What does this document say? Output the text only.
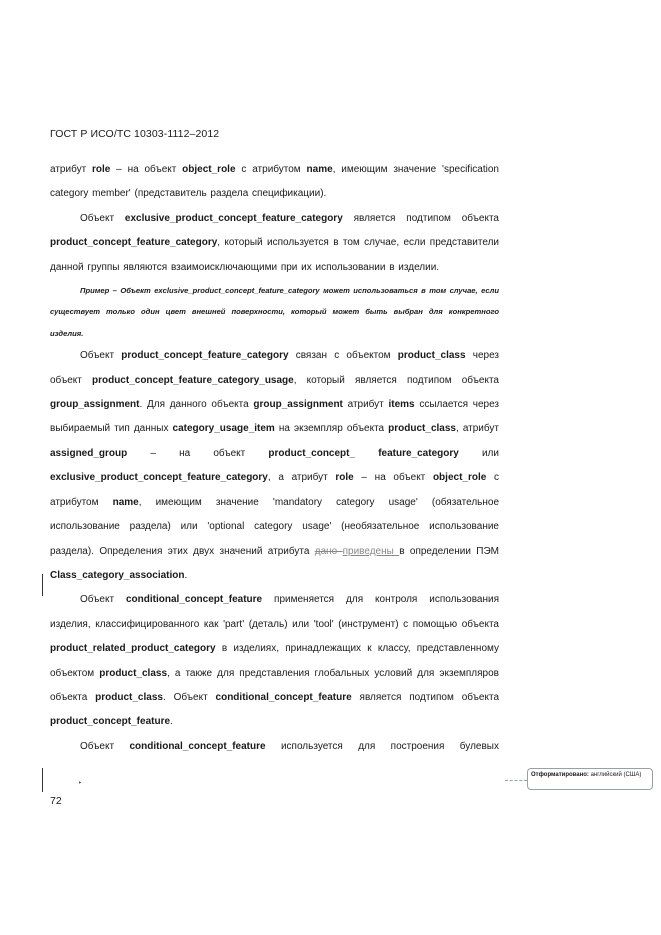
ГОСТ Р ИСО/ТС 10303-1112–2012

атрибут role – на объект object_role с атрибутом name, имеющим значение 'specification category member' (представитель раздела спецификации).

Объект exclusive_product_concept_feature_category является подтипом объекта product_concept_feature_category, который используется в том случае, если представители данной группы являются взаимоисключающими при их использовании в изделии.

Пример – Объект exclusive_product_concept_feature_category может использоваться в том случае, если существует только один цвет внешней поверхности, который может быть выбран для конкретного изделия.

Объект product_concept_feature_category связан с объектом product_class через объект product_concept_feature_category_usage, который является подтипом объекта group_assignment. Для данного объекта group_assignment атрибут items ссылается через выбираемый тип данных category_usage_item на экземпляр объекта product_class, атрибут assigned_group – на объект product_concept_ feature_category или exclusive_product_concept_feature_category, а атрибут role – на объект object_role с атрибутом name, имеющим значение 'mandatory category usage' (обязательное использование раздела) или 'optional category usage' (необязательное использование раздела). Определения этих двух значений атрибута дано приведены в определении ПЭМ Class_category_association.

Объект conditional_concept_feature применяется для контроля использования изделия, классифицированного как 'part' (деталь) или 'tool' (инструмент) с помощью объекта product_related_product_category в изделиях, принадлежащих к классу, представленному объектом product_class, а также для представления глобальных условий для экземпляров объекта product_class. Объект conditional_concept_feature является подтипом объекта product_concept_feature.

Объект conditional_concept_feature используется для построения булевых

‣
Отформатировано: английский (США)
72
